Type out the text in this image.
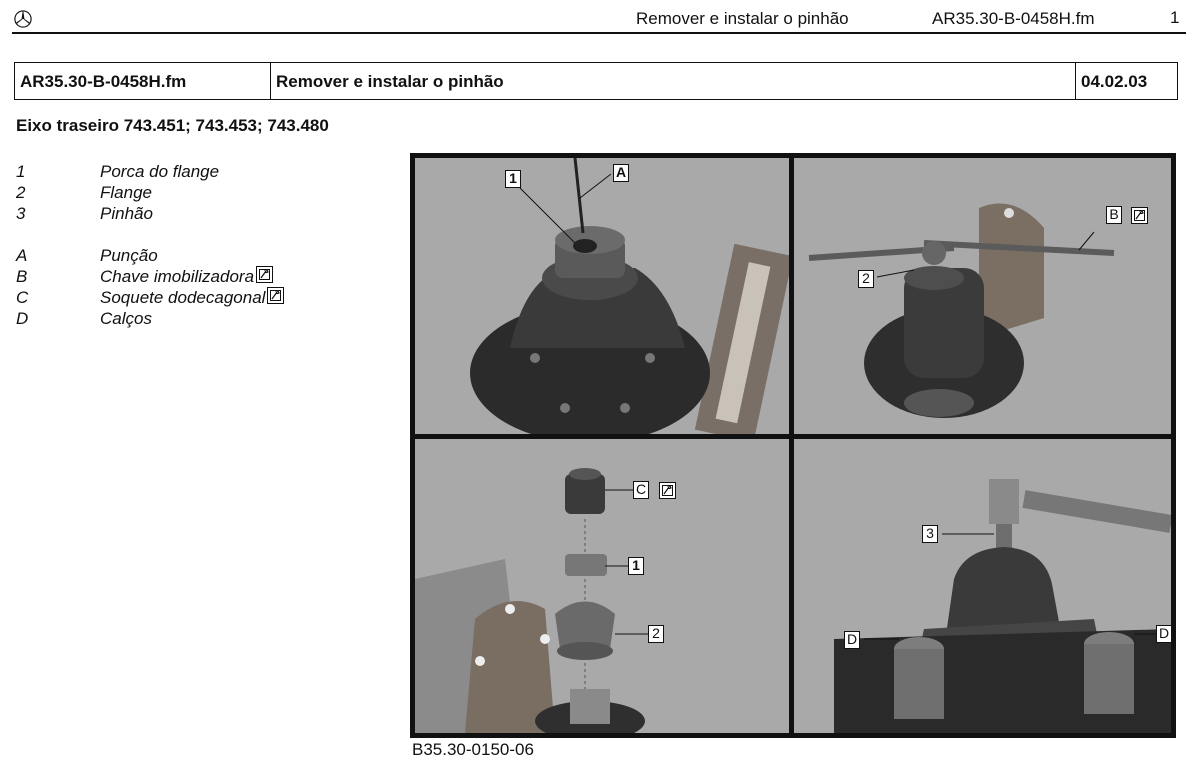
Remover e instalar o pinhão	AR35.30-B-0458H.fm	1
AR35.30-B-0458H.fm	Remover e instalar o pinhão	04.02.03
Eixo traseiro 743.451; 743.453; 743.480
1	Porca do flange
2	Flange
3	Pinhão
A	Punção
B	Chave imobilizadora
C	Soquete dodecagonal
D	Calços
1	A
B
2
C
1
2
3
D	D
B35.30-0150-06
